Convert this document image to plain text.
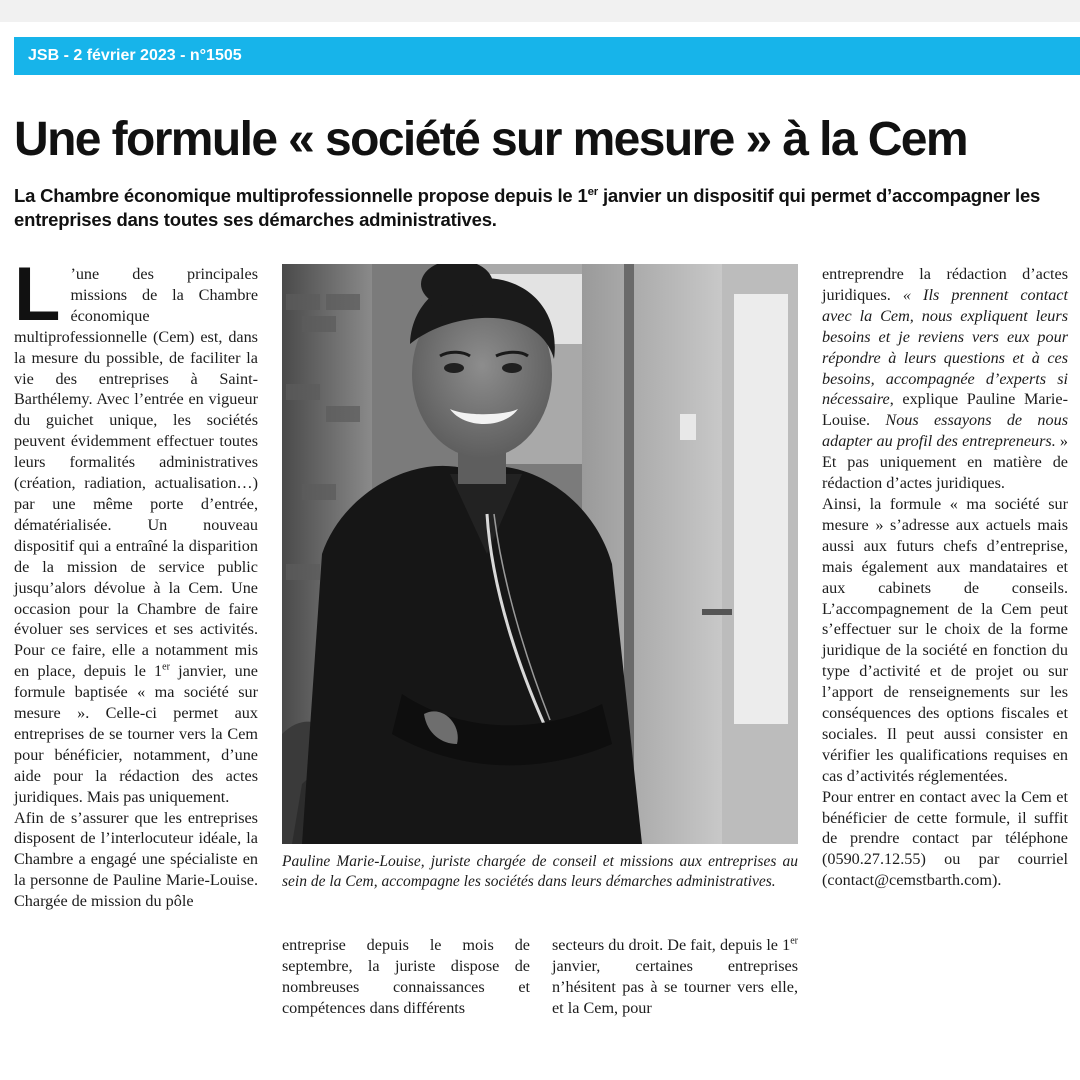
JSB - 2 février 2023 - n°1505
Une formule « société sur mesure » à la Cem

La Chambre économique multiprofessionnelle propose depuis le 1er janvier un dispositif qui permet d’accompagner les entreprises dans toutes ses démarches administratives.

L ’une des principales missions de la Chambre économique multiprofessionnelle (Cem) est, dans la mesure du possible, de faciliter la vie des entreprises à Saint-Barthélemy. Avec l’entrée en vigueur du guichet unique, les sociétés peuvent évidemment effectuer toutes leurs formalités administratives (création, radiation, actualisation…) par une même porte d’entrée, dématérialisée. Un nouveau dispositif qui a entraîné la disparition de la mission de service public jusqu’alors dévolue à la Cem. Une occasion pour la Chambre de faire évoluer ses services et ses activités. Pour ce faire, elle a notamment mis en place, depuis le 1er janvier, une formule baptisée « ma société sur mesure ». Celle-ci permet aux entreprises de se tourner vers la Cem pour bénéficier, notamment, d’une aide pour la rédaction des actes juridiques. Mais pas uniquement.

Afin de s’assurer que les entreprises disposent de l’interlocuteur idéale, la Chambre a engagé une spécialiste en la personne de Pauline Marie-Louise. Chargée de mission du pôle

Pauline Marie-Louise, juriste chargée de conseil et missions aux entreprises au sein de la Cem, accompagne les sociétés dans leurs démarches administratives.

entreprise depuis le mois de septembre, la juriste dispose de nombreuses connaissances et compétences dans différents

secteurs du droit. De fait, depuis le 1er janvier, certaines entreprises n’hésitent pas à se tourner vers elle, et la Cem, pour

entreprendre la rédaction d’actes juridiques. « Ils prennent contact avec la Cem, nous expliquent leurs besoins et je reviens vers eux pour répondre à leurs questions et à ces besoins, accompagnée d’experts si nécessaire, explique Pauline Marie-Louise. Nous essayons de nous adapter au profil des entrepreneurs. » Et pas uniquement en matière de rédaction d’actes juridiques.

Ainsi, la formule « ma société sur mesure » s’adresse aux actuels mais aussi aux futurs chefs d’entreprise, mais également aux mandataires et aux cabinets de conseils. L’accompagnement de la Cem peut s’effectuer sur le choix de la forme juridique de la société en fonction du type d’activité et de projet ou sur l’apport de renseignements sur les conséquences des options fiscales et sociales. Il peut aussi consister en vérifier les qualifications requises en cas d’activités réglementées.

Pour entrer en contact avec la Cem et bénéficier de cette formule, il suffit de prendre contact par téléphone (0590.27.12.55) ou par courriel (contact@cemstbarth.com).
